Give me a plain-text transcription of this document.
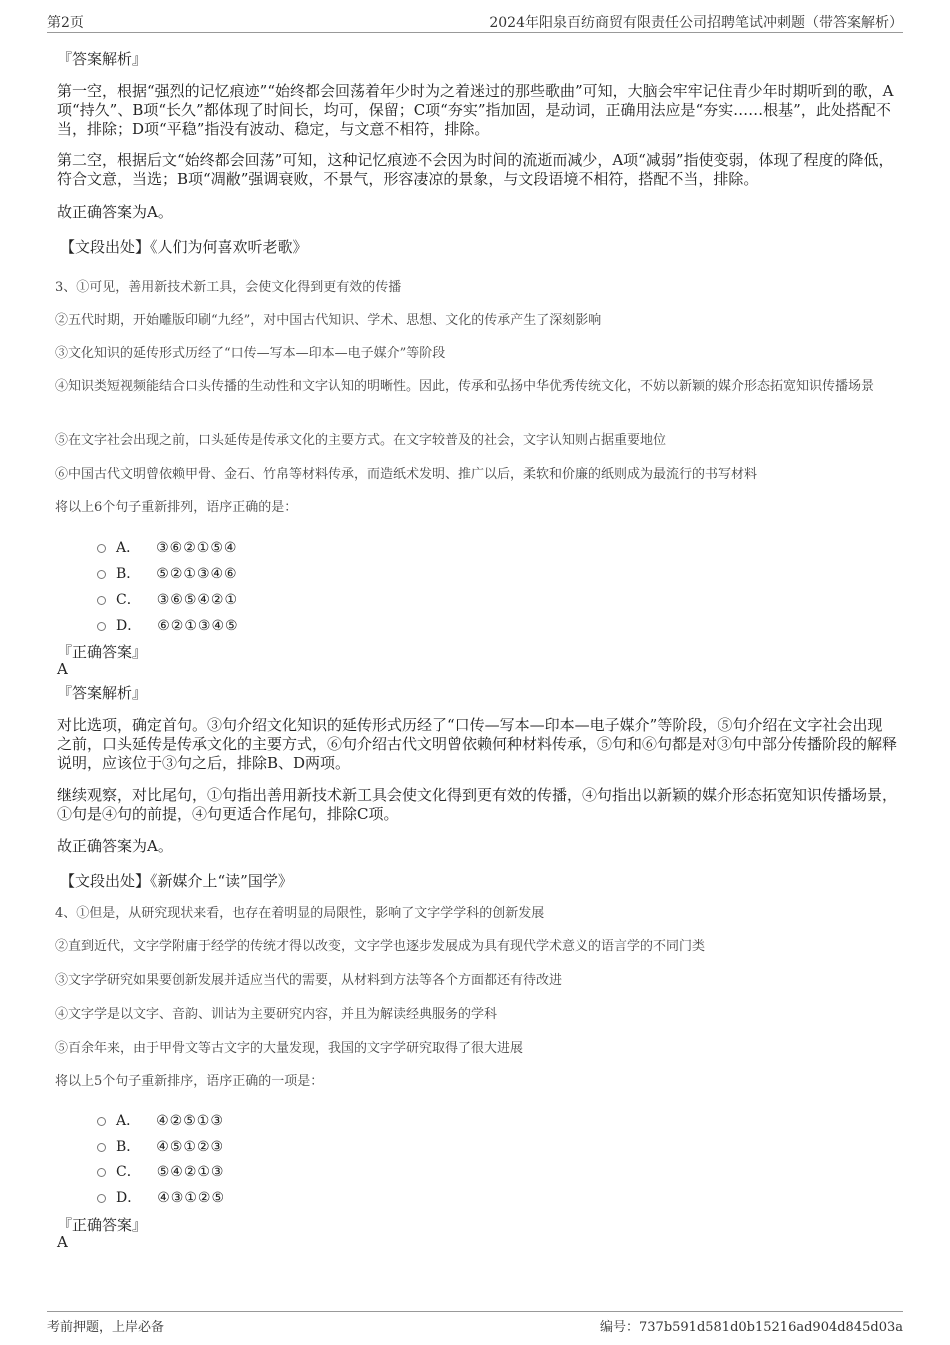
第2页	2024年阳泉百纺商贸有限责任公司招聘笔试冲刺题（带答案解析）
『答案解析』
第一空，根据“强烈的记忆痕迹”“始终都会回荡着年少时为之着迷过的那些歌曲”可知，大脑会牢牢记住青少年时期听到的歌，A项“持久”、B项“长久”都体现了时间长，均可，保留；C项“夯实”指加固，是动词，正确用法应是“夯实……根基”，此处搭配不当，排除；D项“平稳”指没有波动、稳定，与文意不相符，排除。
第二空，根据后文“始终都会回荡”可知，这种记忆痕迹不会因为时间的流逝而减少，A项“减弱”指使变弱，体现了程度的降低，符合文意，当选；B项“凋敝”强调衰败，不景气，形容凄凉的景象，与文段语境不相符，搭配不当，排除。
故正确答案为A。
【文段出处】《人们为何喜欢听老歌》
3、①可见，善用新技术新工具，会使文化得到更有效的传播
②五代时期，开始雕版印刷“九经”，对中国古代知识、学术、思想、文化的传承产生了深刻影响
③文化知识的延传形式历经了“口传—写本—印本—电子媒介”等阶段
④知识类短视频能结合口头传播的生动性和文字认知的明晰性。因此，传承和弘扬中华优秀传统文化，不妨以新颖的媒介形态拓宽知识传播场景
⑤在文字社会出现之前，口头延传是传承文化的主要方式。在文字较普及的社会，文字认知则占据重要地位
⑥中国古代文明曾依赖甲骨、金石、竹帛等材料传承，而造纸术发明、推广以后，柔软和价廉的纸则成为最流行的书写材料
将以上6个句子重新排列，语序正确的是：
A． ③⑥②①⑤④
B． ⑤②①③④⑥
C． ③⑥⑤④②①
D． ⑥②①③④⑤
『正确答案』
A
『答案解析』
对比选项，确定首句。③句介绍文化知识的延传形式历经了“口传—写本—印本—电子媒介”等阶段，⑤句介绍在文字社会出现之前，口头延传是传承文化的主要方式，⑥句介绍古代文明曾依赖何种材料传承，⑤句和⑥句都是对③句中部分传播阶段的解释说明，应该位于③句之后，排除B、D两项。
继续观察，对比尾句，①句指出善用新技术新工具会使文化得到更有效的传播，④句指出以新颖的媒介形态拓宽知识传播场景，①句是④句的前提，④句更适合作尾句，排除C项。
故正确答案为A。
【文段出处】《新媒介上“读”国学》
4、①但是，从研究现状来看，也存在着明显的局限性，影响了文字学学科的创新发展
②直到近代，文字学附庸于经学的传统才得以改变，文字学也逐步发展成为具有现代学术意义的语言学的不同门类
③文字学研究如果要创新发展并适应当代的需要，从材料到方法等各个方面都还有待改进
④文字学是以文字、音韵、训诂为主要研究内容，并且为解读经典服务的学科
⑤百余年来，由于甲骨文等古文字的大量发现，我国的文字学研究取得了很大进展
将以上5个句子重新排序，语序正确的一项是：
A． ④②⑤①③
B． ④⑤①②③
C． ⑤④②①③
D． ④③①②⑤
『正确答案』
A
考前押题，上岸必备	编号：737b591d581d0b15216ad904d845d03a
